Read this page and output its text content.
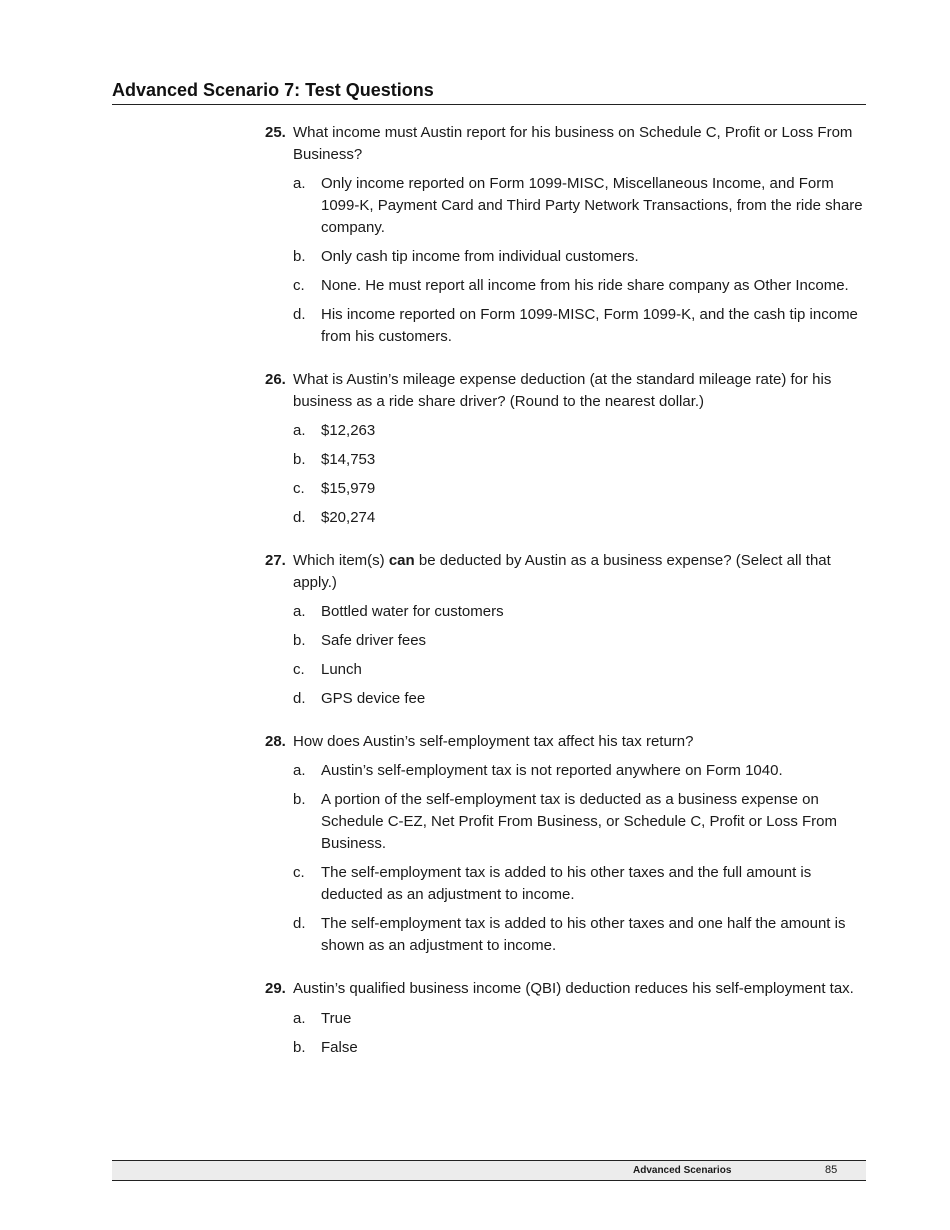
Advanced Scenario 7: Test Questions
25. What income must Austin report for his business on Schedule C, Profit or Loss From Business?

a. Only income reported on Form 1099-MISC, Miscellaneous Income, and Form 1099-K, Payment Card and Third Party Network Transactions, from the ride share company.
b. Only cash tip income from individual customers.
c. None. He must report all income from his ride share company as Other Income.
d. His income reported on Form 1099-MISC, Form 1099-K, and the cash tip income from his customers.
26. What is Austin’s mileage expense deduction (at the standard mileage rate) for his business as a ride share driver? (Round to the nearest dollar.)

a. $12,263
b. $14,753
c. $15,979
d. $20,274
27. Which item(s) can be deducted by Austin as a business expense? (Select all that apply.)

a. Bottled water for customers
b. Safe driver fees
c. Lunch
d. GPS device fee
28. How does Austin’s self-employment tax affect his tax return?

a. Austin’s self-employment tax is not reported anywhere on Form 1040.
b. A portion of the self-employment tax is deducted as a business expense on Schedule C-EZ, Net Profit From Business, or Schedule C, Profit or Loss From Business.
c. The self-employment tax is added to his other taxes and the full amount is deducted as an adjustment to income.
d. The self-employment tax is added to his other taxes and one half the amount is shown as an adjustment to income.
29. Austin’s qualified business income (QBI) deduction reduces his self-employment tax.

a. True
b. False
Advanced Scenarios	85
